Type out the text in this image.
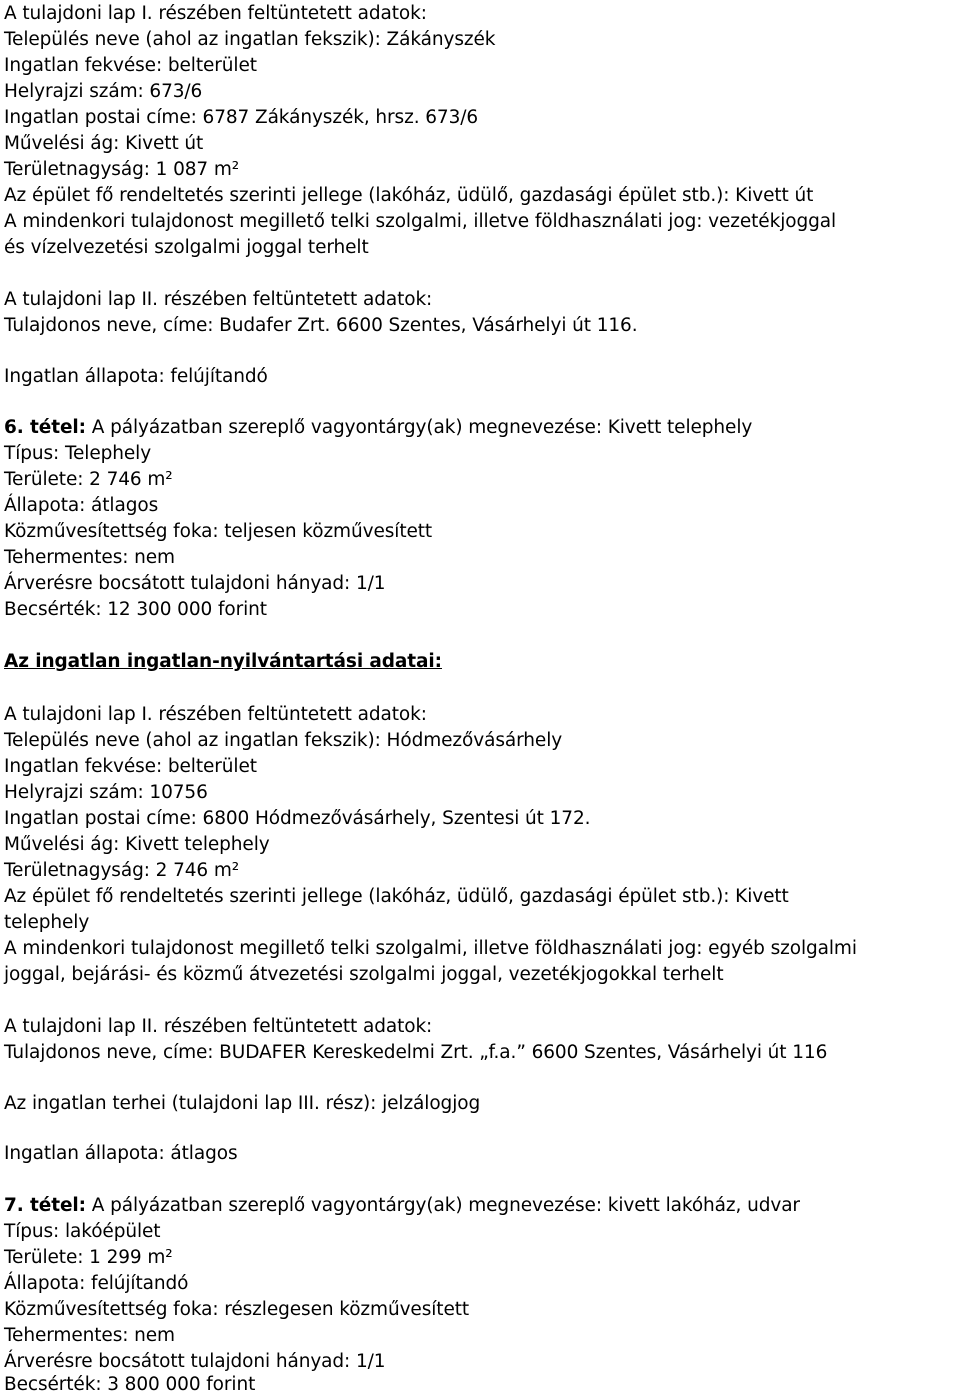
A tulajdoni lap I. részében feltüntetett adatok:

Település neve (ahol az ingatlan fekszik): Zákányszék

Ingatlan fekvése: belterület

Helyrajzi szám: 673/6

Ingatlan postai címe: 6787 Zákányszék, hrsz. 673/6

Művelési ág: Kivett út

Területnagyság: 1 087 m²

Az épület fő rendeltetés szerinti jellege (lakóház, üdülő, gazdasági épület stb.): Kivett út

A mindenkori tulajdonost megillető telki szolgalmi, illetve földhasználati jog: vezetékjoggal

és vízelvezetési szolgalmi joggal terhelt

A tulajdoni lap II. részében feltüntetett adatok:

Tulajdonos neve, címe: Budafer Zrt. 6600 Szentes, Vásárhelyi út 116.

Ingatlan állapota: felújítandó

6. tétel: A pályázatban szereplő vagyontárgy(ak) megnevezése: Kivett telephely

Típus: Telephely

Területe: 2 746 m²

Állapota: átlagos

Közművesítettség foka: teljesen közművesített

Tehermentes: nem

Árverésre bocsátott tulajdoni hányad: 1/1

Becsérték: 12 300 000 forint

Az ingatlan ingatlan-nyilvántartási adatai:

A tulajdoni lap I. részében feltüntetett adatok:

Település neve (ahol az ingatlan fekszik): Hódmezővásárhely

Ingatlan fekvése: belterület

Helyrajzi szám: 10756

Ingatlan postai címe: 6800 Hódmezővásárhely, Szentesi út 172.

Művelési ág: Kivett telephely

Területnagyság: 2 746 m²

Az épület fő rendeltetés szerinti jellege (lakóház, üdülő, gazdasági épület stb.): Kivett

telephely

A mindenkori tulajdonost megillető telki szolgalmi, illetve földhasználati jog: egyéb szolgalmi

joggal, bejárási- és közmű átvezetési szolgalmi joggal, vezetékjogokkal terhelt

A tulajdoni lap II. részében feltüntetett adatok:

Tulajdonos neve, címe: BUDAFER Kereskedelmi Zrt. „f.a.” 6600 Szentes, Vásárhelyi út 116

Az ingatlan terhei (tulajdoni lap III. rész): jelzálogjog

Ingatlan állapota: átlagos

7. tétel: A pályázatban szereplő vagyontárgy(ak) megnevezése: kivett lakóház, udvar

Típus: lakóépület

Területe: 1 299 m²

Állapota: felújítandó

Közművesítettség foka: részlegesen közművesített

Tehermentes: nem

Árverésre bocsátott tulajdoni hányad: 1/1

Becsérték: 3 800 000 forint
